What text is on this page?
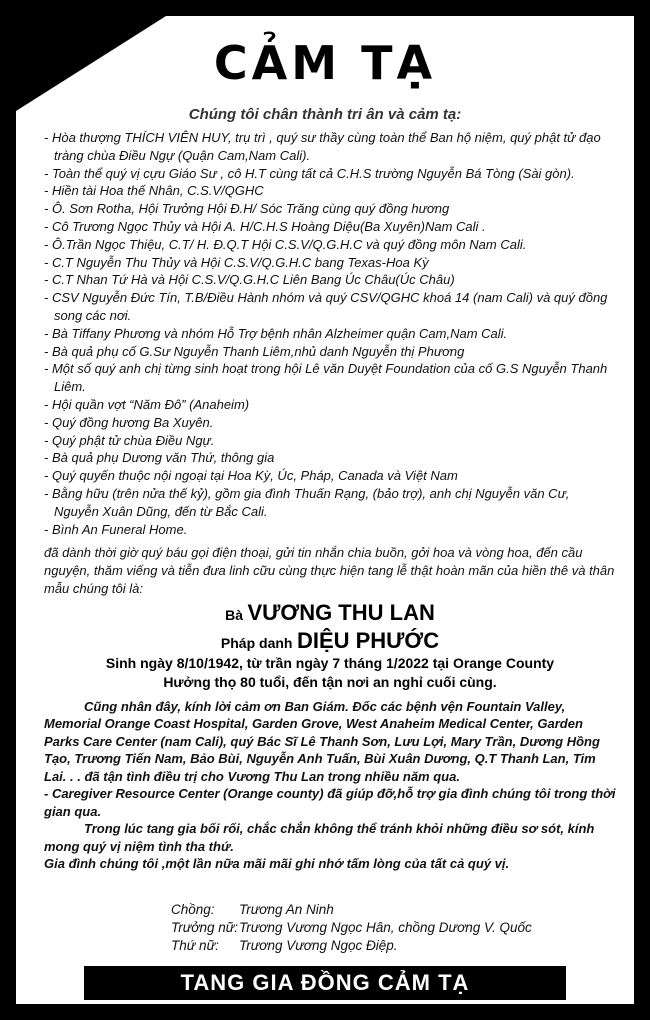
CẢM TẠ
Chúng tôi chân thành tri ân và cảm tạ:
- Hòa thượng THÍCH VIÊN HUY, trụ trì , quý sư thầy cùng toàn thể Ban hộ niệm, quý phật tử đạo tràng chùa Điều Ngự (Quận Cam,Nam Cali).
- Toàn thể quý vị cựu Giáo Sư , cô H.T cùng tất cả C.H.S trường Nguyễn Bá Tòng (Sài gòn).
- Hiền tài Hoa thế Nhân, C.S.V/QGHC
- Ô. Sơn Rotha, Hội Trưởng Hội Đ.H/ Sóc Trăng cùng quý đồng hương
- Cô Trương Ngọc Thủy và Hội A. H/C.H.S Hoàng Diệu(Ba Xuyên)Nam Cali .
- Ô.Trần Ngọc Thiệu, C.T/ H. Đ.Q.T Hội C.S.V/Q.G.H.C và quý đồng môn Nam Cali.
- C.T Nguyễn Thu Thủy và Hội C.S.V/Q.G.H.C bang Texas-Hoa Kỳ
- C.T Nhan Tứ Hà và Hội C.S.V/Q.G.H.C Liên Bang Úc Châu(Úc Châu)
- CSV Nguyễn Đức Tín, T.B/Điều Hành nhóm và quý CSV/QGHC khoá 14 (nam Cali) và quý đồng song các nơi.
- Bà Tiffany Phương và nhóm Hỗ Trợ bệnh nhân Alzheimer quận Cam,Nam Cali.
- Bà quả phụ cố G.Sư Nguyễn Thanh Liêm,nhủ danh Nguyễn thị Phương
- Một số quý anh chị từng sinh hoạt trong hội Lê văn Duyệt Foundation của cố G.S Nguyễn Thanh Liêm.
- Hội quần vợt “Năm Đô” (Anaheim)
- Quý đồng hương Ba Xuyên.
- Quý phật tử chùa Điều Ngự.
- Bà quả phụ Dương văn Thứ, thông gia
- Quý quyến thuộc nội ngoại tại Hoa Kỳ, Úc, Pháp, Canada và Việt Nam
- Bằng hữu (trên nửa thế kỷ), gồm gia đình Thuấn Rạng, (bảo trợ), anh chị Nguyễn văn Cư, Nguyễn Xuân Dũng, đến từ Bắc Cali.
- Bình An Funeral Home.
đã dành thời giờ quý báu gọi điện thoại, gửi tin nhắn chia buồn, gởi hoa và vòng hoa, đến cầu nguyện, thăm viếng và tiễn đưa linh cữu cùng thực hiện tang lễ thật hoàn mãn của hiền thê và thân mẫu chúng tôi là:
Bà VƯƠNG THU LAN
Pháp danh DIỆU PHƯỚC
Sinh ngày 8/10/1942, từ trần ngày 7 tháng 1/2022 tại Orange County
Hưởng thọ 80 tuổi, đến tận nơi an nghỉ cuối cùng.
Cũng nhân đây, kính lời cảm ơn Ban Giám. Đốc các bệnh vện Fountain Valley, Memorial Orange Coast Hospital, Garden Grove, West Anaheim Medical Center, Garden Parks Care Center (nam Cali), quý Bác Sĩ Lê Thanh Sơn, Lưu Lợi, Mary Trần, Dương Hồng Tạo, Trương Tiến Nam, Bảo Bùi, Nguyễn Anh Tuấn, Bùi Xuân Dương, Q.T Thanh Lan, Tim Lai. . . đã tận tình điều trị cho Vương Thu Lan trong nhiều năm qua.
- Caregiver Resource Center (Orange county) đã giúp đỡ,hỗ trợ gia đình chúng tôi trong thời gian qua.
Trong lúc tang gia bối rối, chắc chắn không thể tránh khỏi những điều sơ sót, kính mong quý vị niệm tình tha thứ.
Gia đình chúng tôi ,một lần nữa mãi mãi ghi nhớ tấm lòng của tất cả quý vị.
Chồng:	Trương An Ninh
Trưởng nữ: Trương Vương Ngọc Hân, chồng Dương V. Quốc
Thứ nữ:	Trương Vương Ngọc Điệp.
TANG GIA ĐỒNG CẢM TẠ
